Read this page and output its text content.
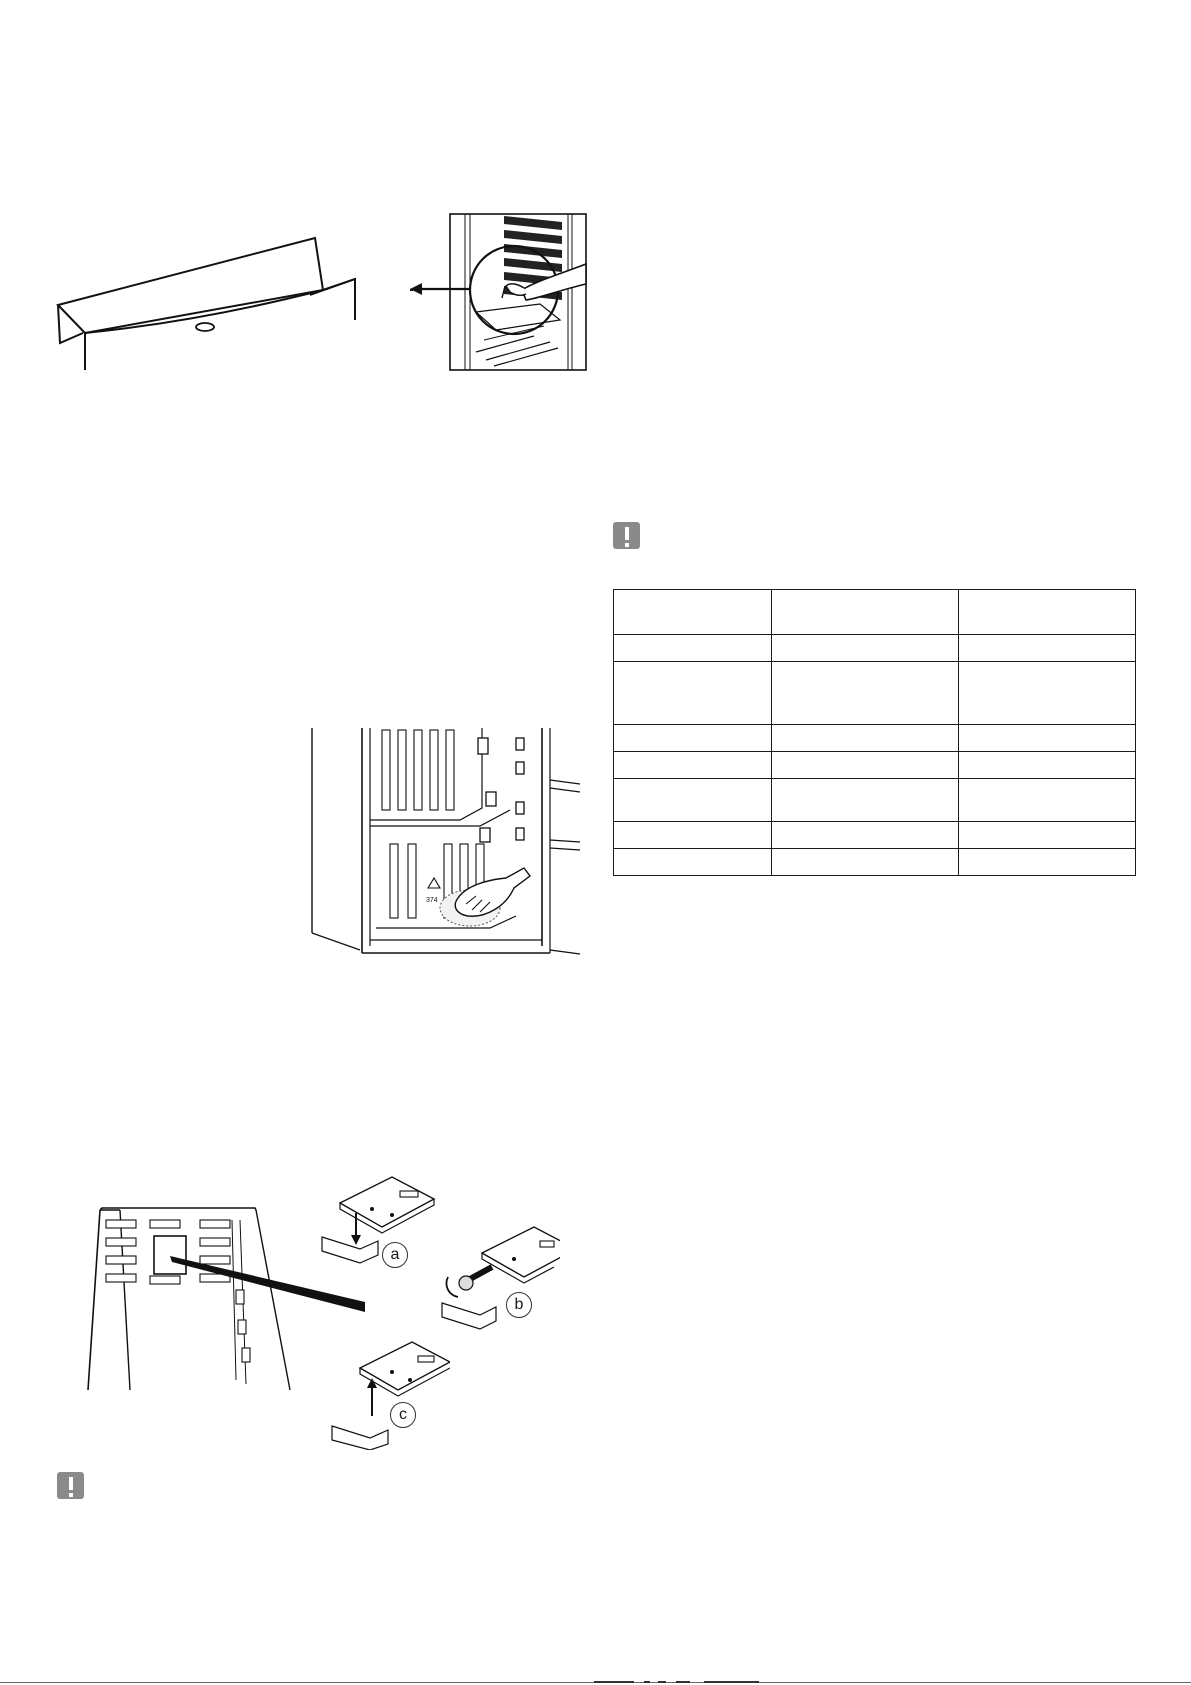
374
a
b
c
